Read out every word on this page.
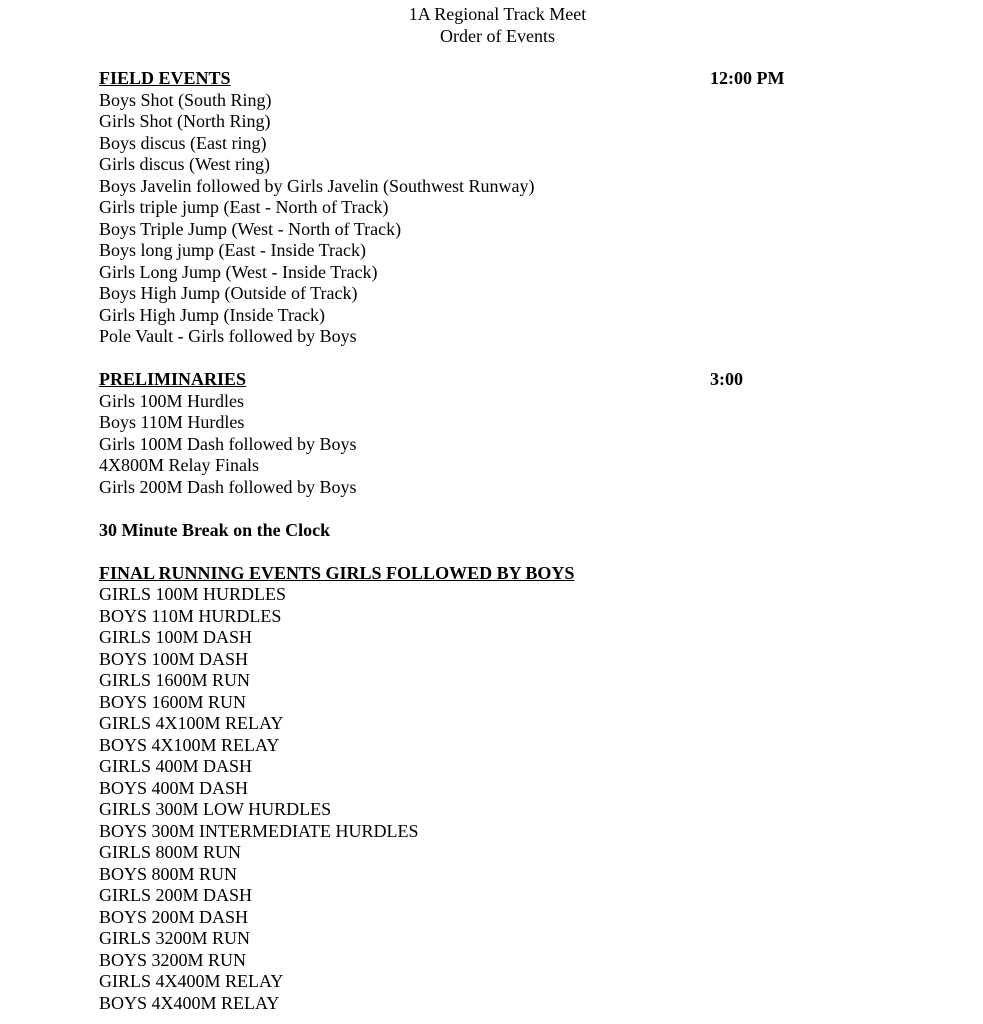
1A Regional Track Meet
Order of Events
FIELD EVENTS	12:00 PM
Boys Shot (South Ring)
Girls Shot (North Ring)
Boys discus (East ring)
Girls discus (West ring)
Boys Javelin followed by Girls Javelin (Southwest Runway)
Girls triple jump (East - North of Track)
Boys Triple Jump (West - North of Track)
Boys long jump (East - Inside Track)
Girls Long Jump (West - Inside Track)
Boys High Jump (Outside of Track)
Girls High Jump (Inside Track)
Pole Vault - Girls followed by Boys
PRELIMINARIES	3:00
Girls 100M Hurdles
Boys 110M Hurdles
Girls 100M Dash followed by Boys
4X800M Relay Finals
Girls 200M Dash followed by Boys
30 Minute Break on the Clock
FINAL RUNNING EVENTS GIRLS FOLLOWED BY BOYS
GIRLS 100M HURDLES
BOYS 110M HURDLES
GIRLS 100M DASH
BOYS 100M DASH
GIRLS 1600M RUN
BOYS 1600M RUN
GIRLS 4X100M RELAY
BOYS 4X100M RELAY
GIRLS 400M DASH
BOYS 400M DASH
GIRLS 300M LOW HURDLES
BOYS 300M INTERMEDIATE HURDLES
GIRLS 800M RUN
BOYS 800M RUN
GIRLS 200M DASH
BOYS 200M DASH
GIRLS 3200M RUN
BOYS 3200M RUN
GIRLS 4X400M RELAY
BOYS 4X400M RELAY
